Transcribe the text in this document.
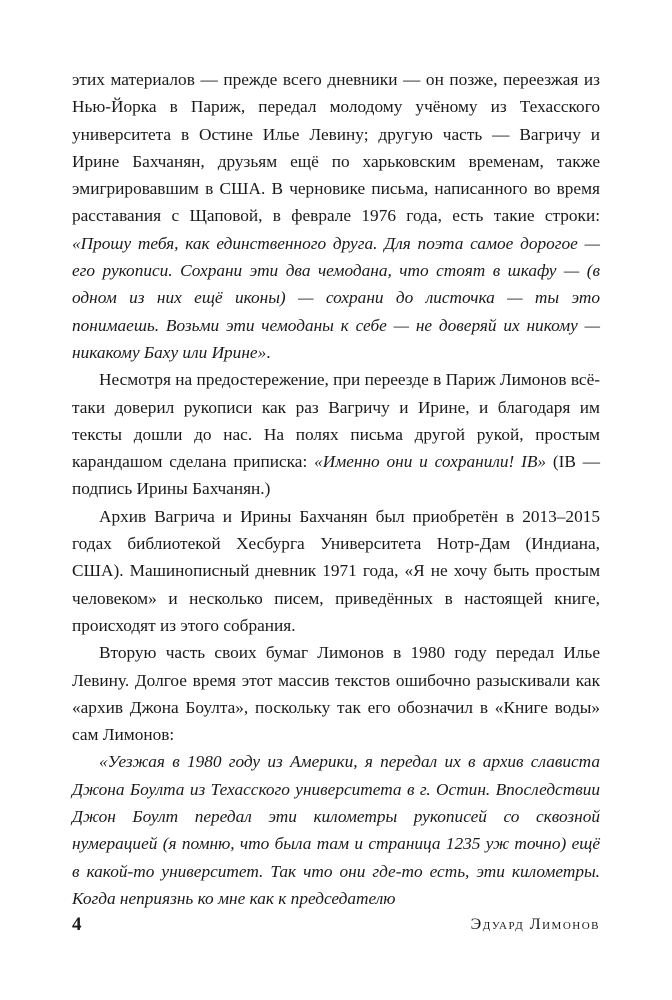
этих материалов — прежде всего дневники — он позже, переезжая из Нью-Йорка в Париж, передал молодому учёному из Техасского университета в Остине Илье Левину; другую часть — Вагричу и Ирине Бахчанян, друзьям ещё по харьковским временам, также эмигрировавшим в США. В черновике письма, написанного во время расставания с Щаповой, в феврале 1976 года, есть такие строки: «Прошу тебя, как единственного друга. Для поэта самое дорогое — его рукописи. Сохрани эти два чемодана, что стоят в шкафу — (в одном из них ещё иконы) — сохрани до листочка — ты это понимаешь. Возьми эти чемоданы к себе — не доверяй их никому — никакому Баху или Ирине».

Несмотря на предостережение, при переезде в Париж Лимонов всё-таки доверил рукописи как раз Вагричу и Ирине, и благодаря им тексты дошли до нас. На полях письма другой рукой, простым карандашом сделана приписка: «Именно они и сохранили! IB» (IB — подпись Ирины Бахчанян.)

Архив Вагрича и Ирины Бахчанян был приобретён в 2013–2015 годах библиотекой Хесбурга Университета Нотр-Дам (Индиана, США). Машинописный дневник 1971 года, «Я не хочу быть простым человеком» и несколько писем, приведённых в настоящей книге, происходят из этого собрания.

Вторую часть своих бумаг Лимонов в 1980 году передал Илье Левину. Долгое время этот массив текстов ошибочно разыскивали как «архив Джона Боулта», поскольку так его обозначил в «Книге воды» сам Лимонов:

«Уезжая в 1980 году из Америки, я передал их в архив слависта Джона Боулта из Техасского университета в г. Остин. Впоследствии Джон Боулт передал эти километры рукописей со сквозной нумерацией (я помню, что была там и страница 1235 уж точно) ещё в какой-то университет. Так что они где-то есть, эти километры. Когда неприязнь ко мне как к председателю

4	Эдуард Лимонов
